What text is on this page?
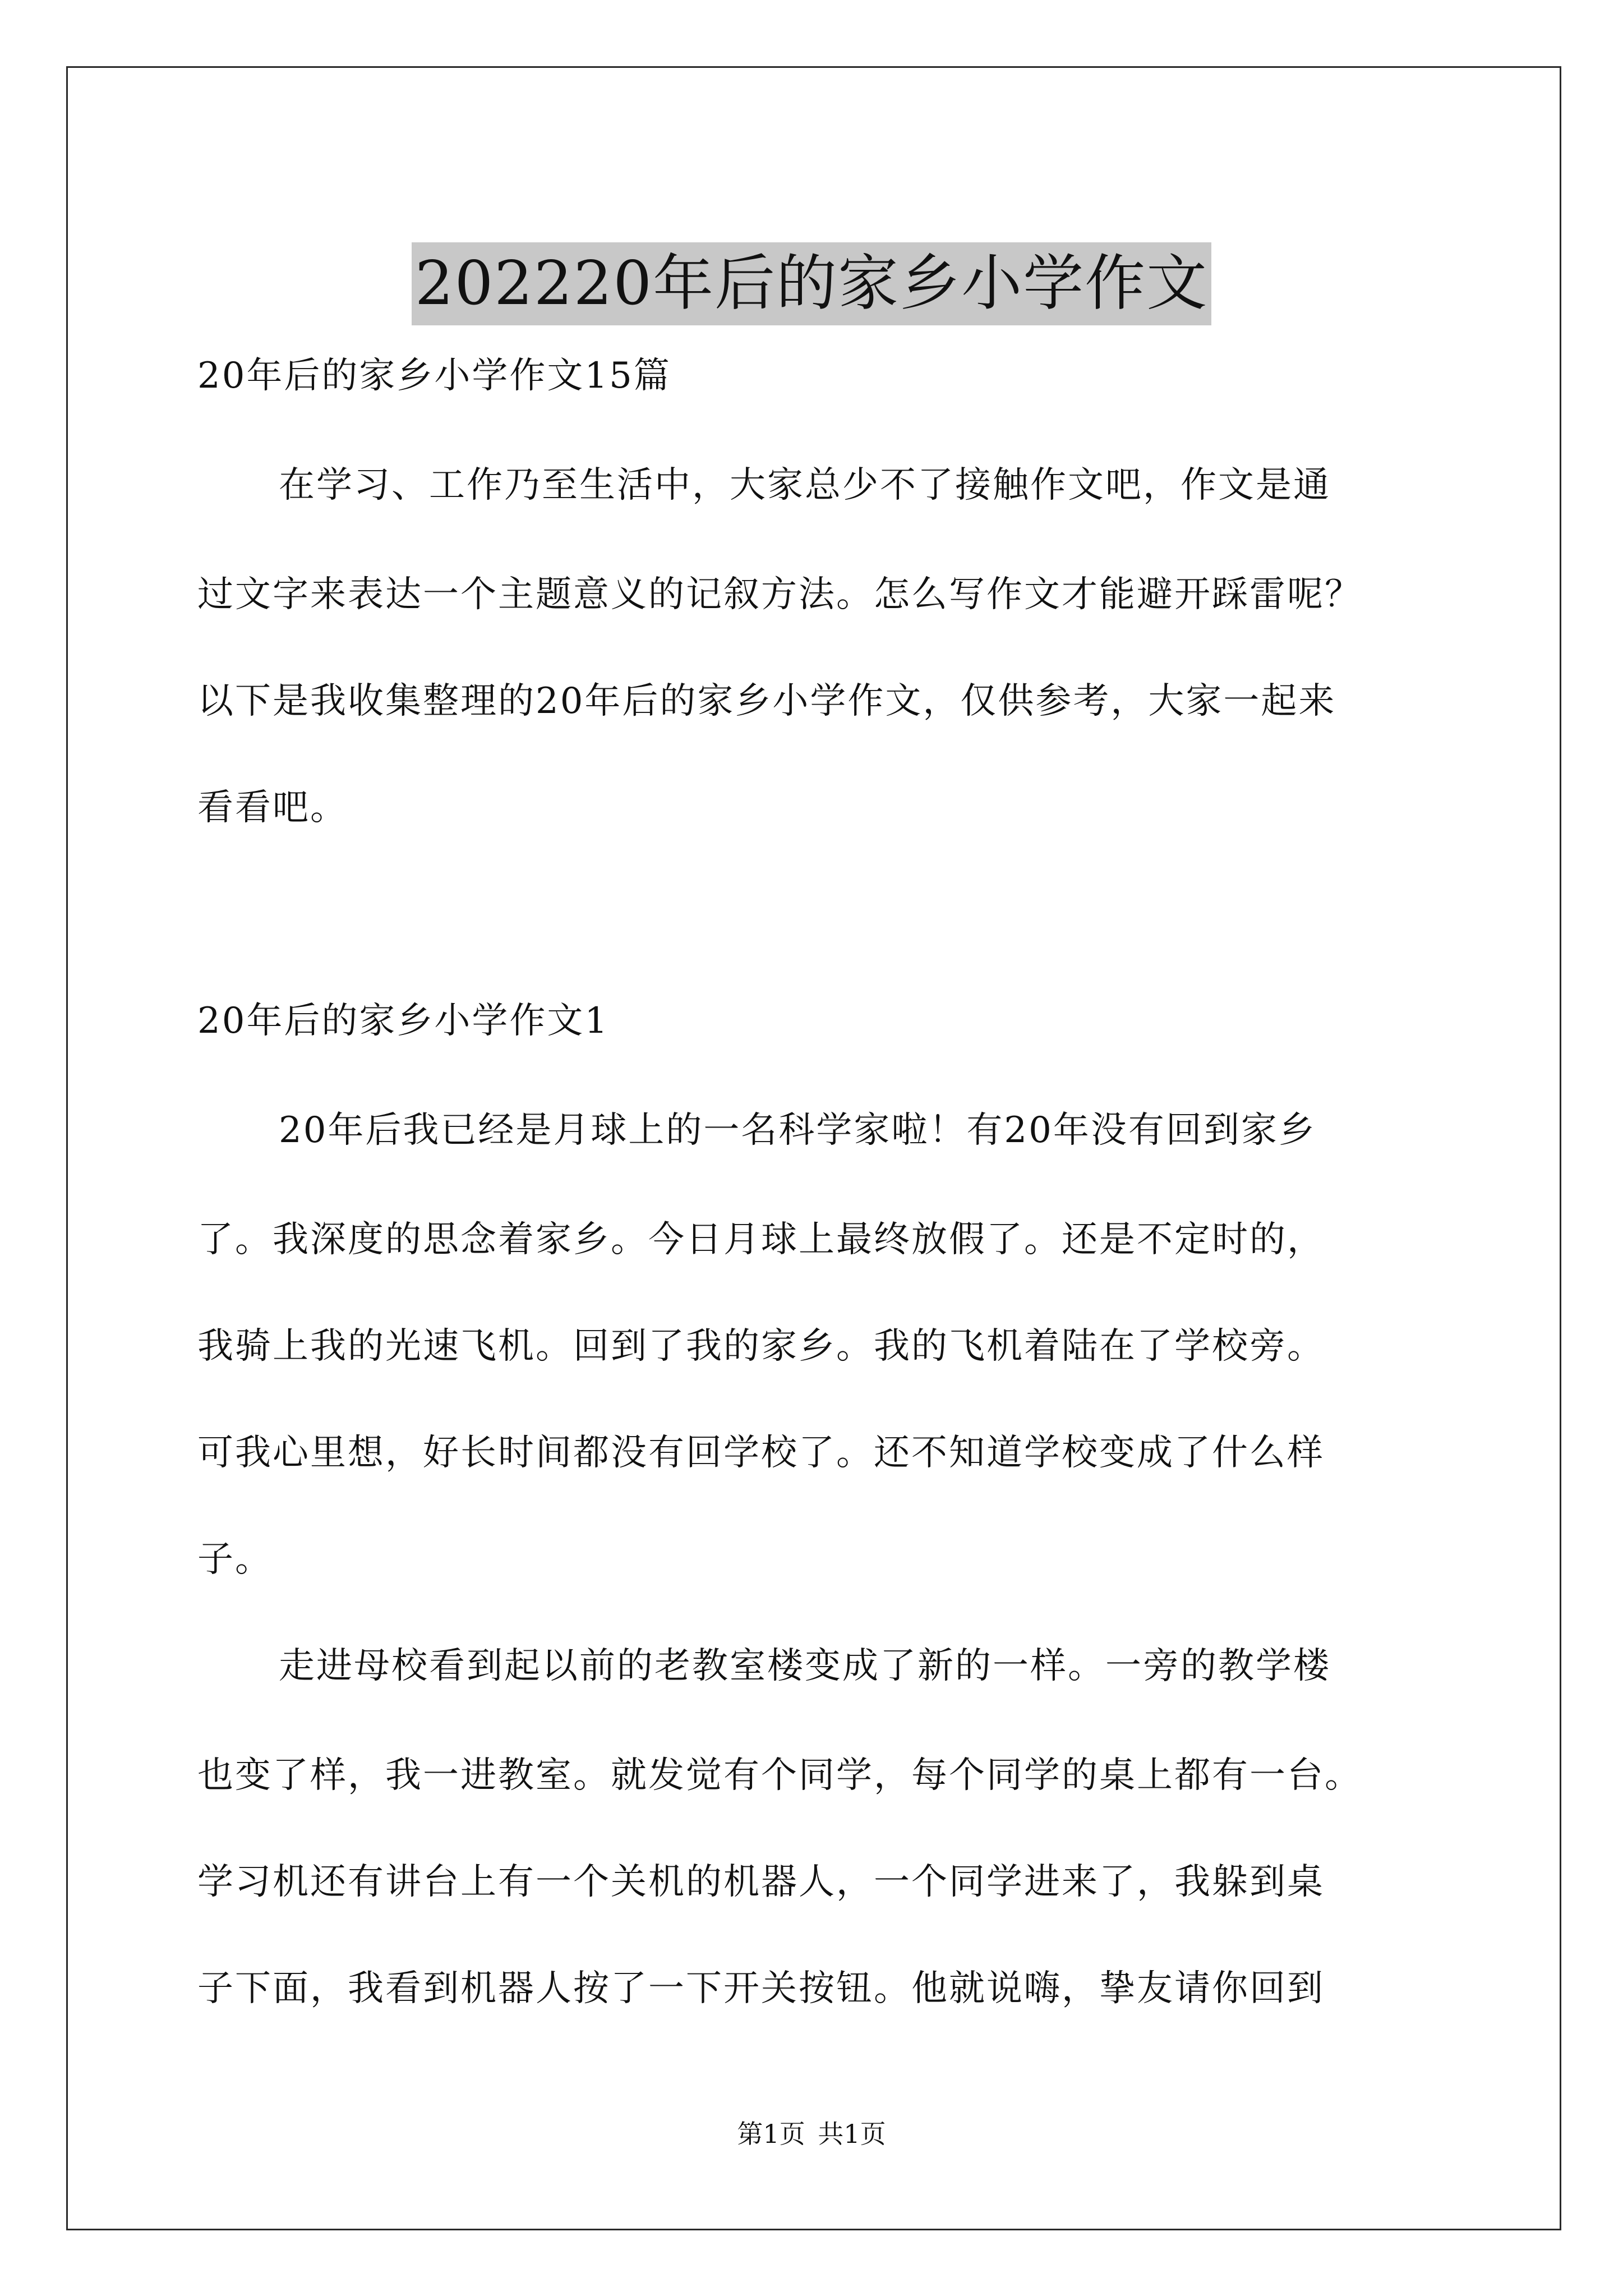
202220年后的家乡小学作文
20年后的家乡小学作文15篇
在学习、工作乃至生活中，大家总少不了接触作文吧，作文是通
过文字来表达一个主题意义的记叙方法。怎么写作文才能避开踩雷呢？
以下是我收集整理的20年后的家乡小学作文，仅供参考，大家一起来
看看吧。
20年后的家乡小学作文1
20年后我已经是月球上的一名科学家啦！有20年没有回到家乡
了。我深度的思念着家乡。今日月球上最终放假了。还是不定时的，
我骑上我的光速飞机。回到了我的家乡。我的飞机着陆在了学校旁。
可我心里想，好长时间都没有回学校了。还不知道学校变成了什么样
子。
走进母校看到起以前的老教室楼变成了新的一样。一旁的教学楼
也变了样，我一进教室。就发觉有个同学，每个同学的桌上都有一台。
学习机还有讲台上有一个关机的机器人，一个同学进来了，我躲到桌
子下面，我看到机器人按了一下开关按钮。他就说嗨，挚友请你回到
第1页 共1页
